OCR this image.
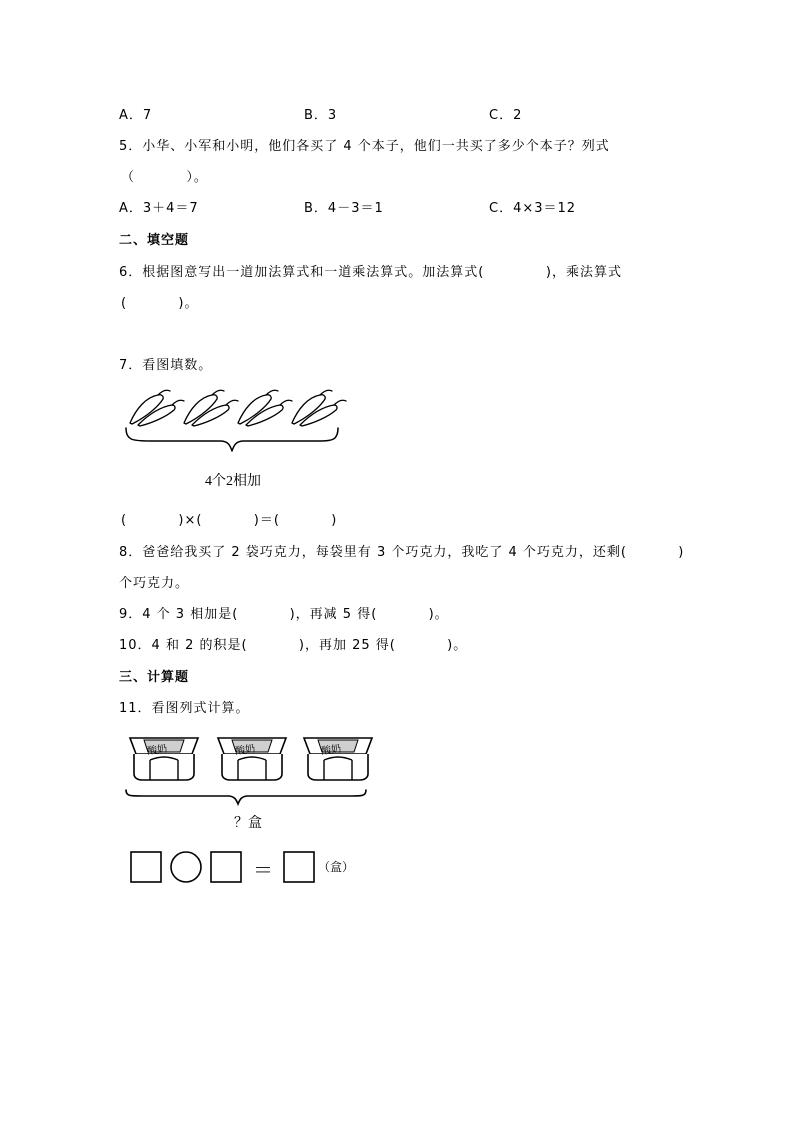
A．7	B．3	C．2
5．小华、小军和小明，他们各买了 4 个本子，他们一共买了多少个本子？列式
（          ）。
A．3＋4＝7	B．4－3＝1	C．4×3＝12
二、填空题
6．根据图意写出一道加法算式和一道乘法算式。加法算式(            )，乘法算式
(          )。
7．看图填数。
4个2相加
(          )×(          )＝(          )
8．爸爸给我买了 2 袋巧克力，每袋里有 3 个巧克力，我吃了 4 个巧克力，还剩(          )
个巧克力。
9．4 个 3 相加是(          )，再减 5 得(          )。
10．4 和 2 的积是(          )，再加 25 得(          )。
三、计算题
11．看图列式计算。
酸奶	酸奶	酸奶
？盒
＝	（盒）
